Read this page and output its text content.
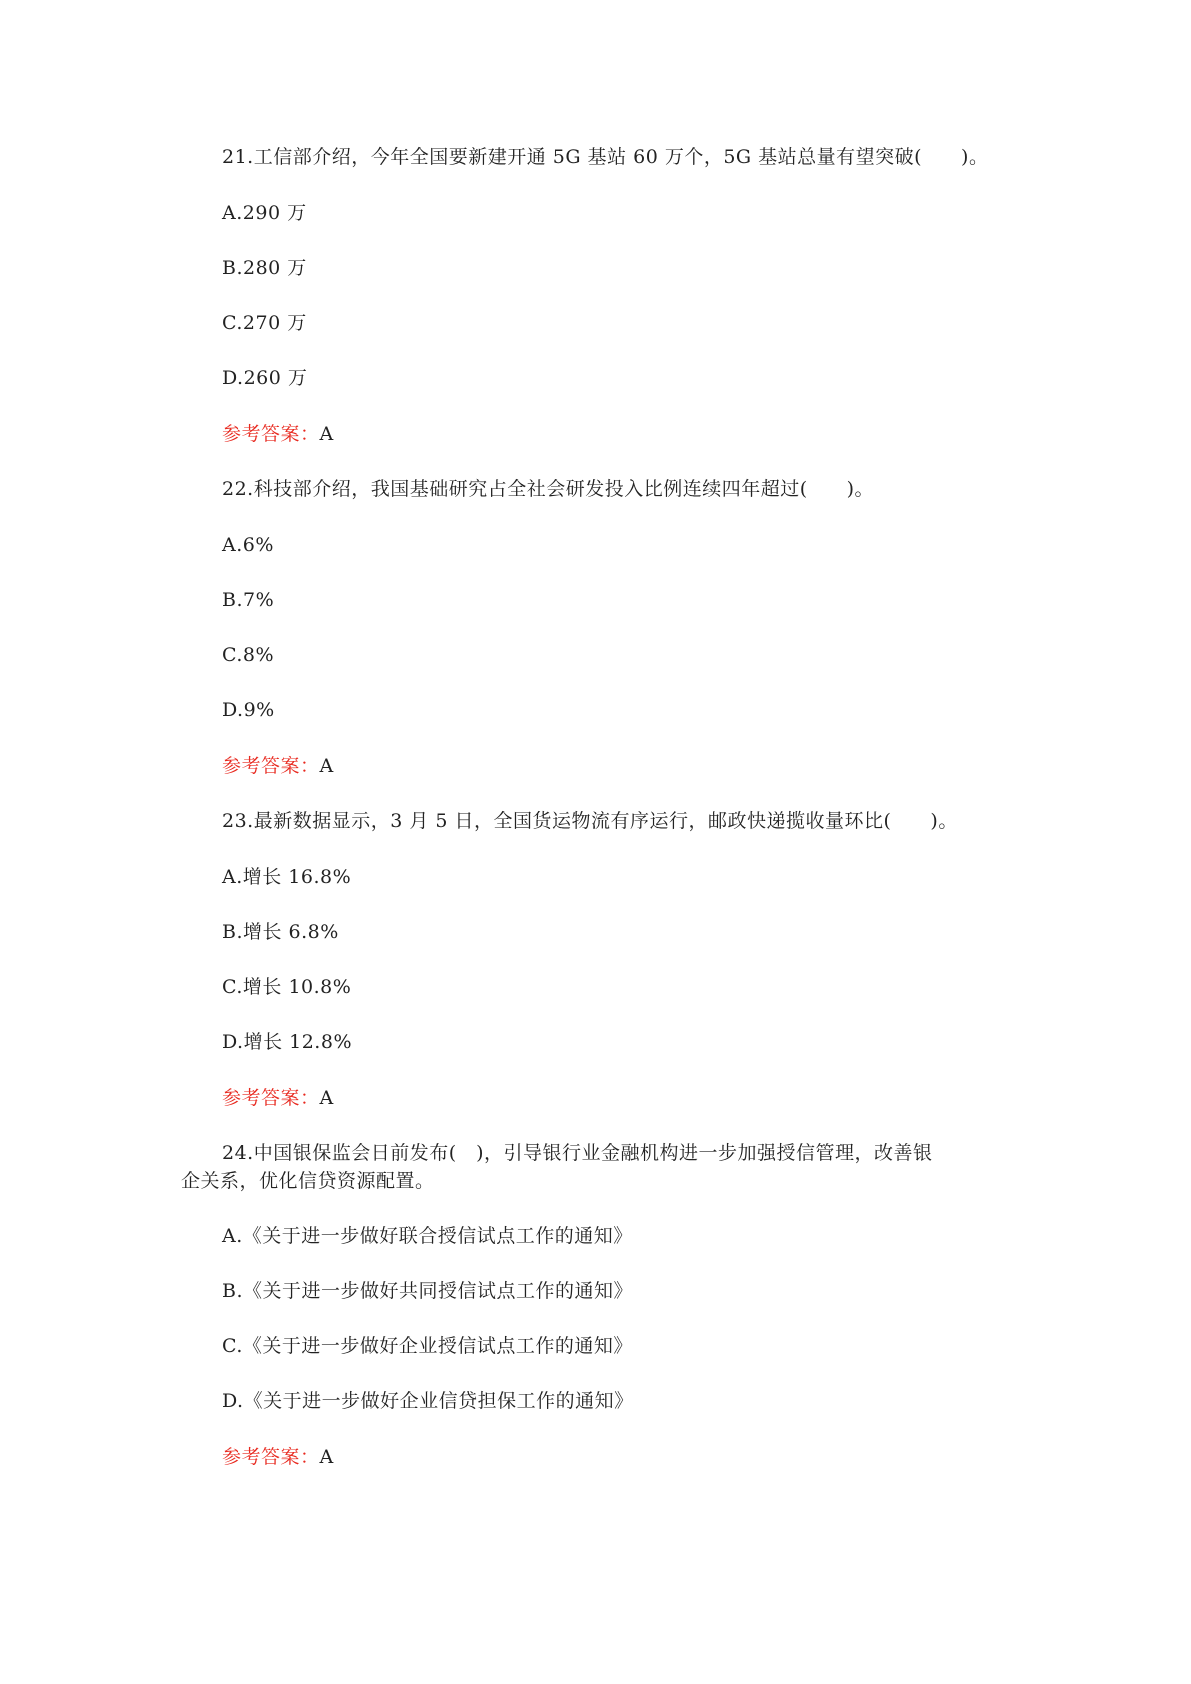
21.工信部介绍，今年全国要新建开通 5G 基站 60 万个，5G 基站总量有望突破(　　)。
A.290 万
B.280 万
C.270 万
D.260 万
参考答案：A
22.科技部介绍，我国基础研究占全社会研发投入比例连续四年超过(　　)。
A.6%
B.7%
C.8%
D.9%
参考答案：A
23.最新数据显示，3 月 5 日，全国货运物流有序运行，邮政快递揽收量环比(　　)。
A.增长 16.8%
B.增长 6.8%
C.增长 10.8%
D.增长 12.8%
参考答案：A
24.中国银保监会日前发布(　)，引导银行业金融机构进一步加强授信管理，改善银
企关系，优化信贷资源配置。
A.《关于进一步做好联合授信试点工作的通知》
B.《关于进一步做好共同授信试点工作的通知》
C.《关于进一步做好企业授信试点工作的通知》
D.《关于进一步做好企业信贷担保工作的通知》
参考答案：A
